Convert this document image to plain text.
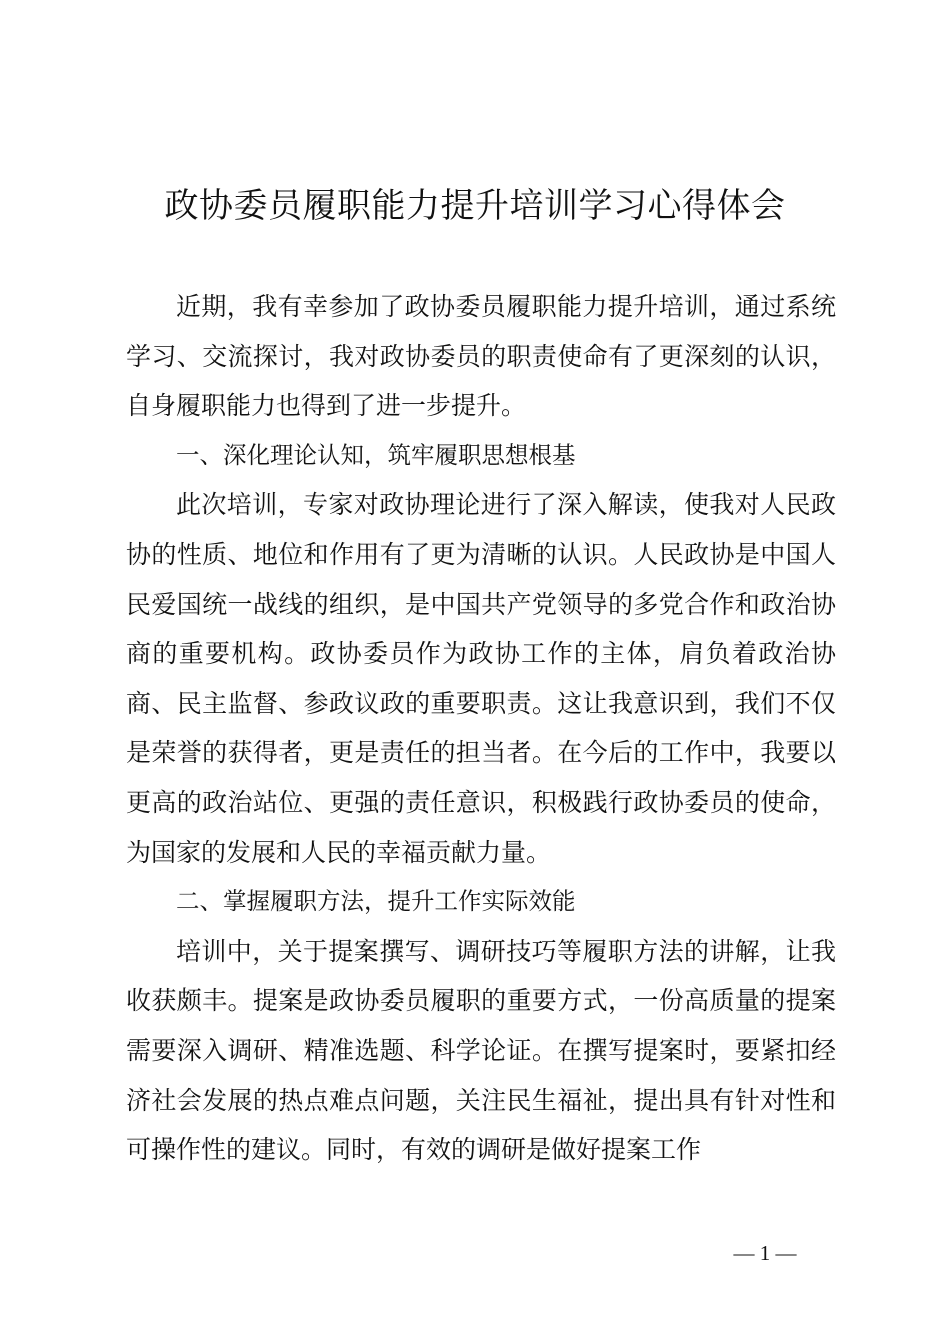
政协委员履职能力提升培训学习心得体会

近期，我有幸参加了政协委员履职能力提升培训，通过系统学习、交流探讨，我对政协委员的职责使命有了更深刻的认识，自身履职能力也得到了进一步提升。

一、深化理论认知，筑牢履职思想根基

此次培训，专家对政协理论进行了深入解读，使我对人民政协的性质、地位和作用有了更为清晰的认识。人民政协是中国人民爱国统一战线的组织，是中国共产党领导的多党合作和政治协商的重要机构。政协委员作为政协工作的主体，肩负着政治协商、民主监督、参政议政的重要职责。这让我意识到，我们不仅是荣誉的获得者，更是责任的担当者。在今后的工作中，我要以更高的政治站位、更强的责任意识，积极践行政协委员的使命，为国家的发展和人民的幸福贡献力量。

二、掌握履职方法，提升工作实际效能

培训中，关于提案撰写、调研技巧等履职方法的讲解，让我收获颇丰。提案是政协委员履职的重要方式，一份高质量的提案需要深入调研、精准选题、科学论证。在撰写提案时，要紧扣经济社会发展的热点难点问题，关注民生福祉，提出具有针对性和可操作性的建议。同时，有效的调研是做好提案工作

— 1 —
